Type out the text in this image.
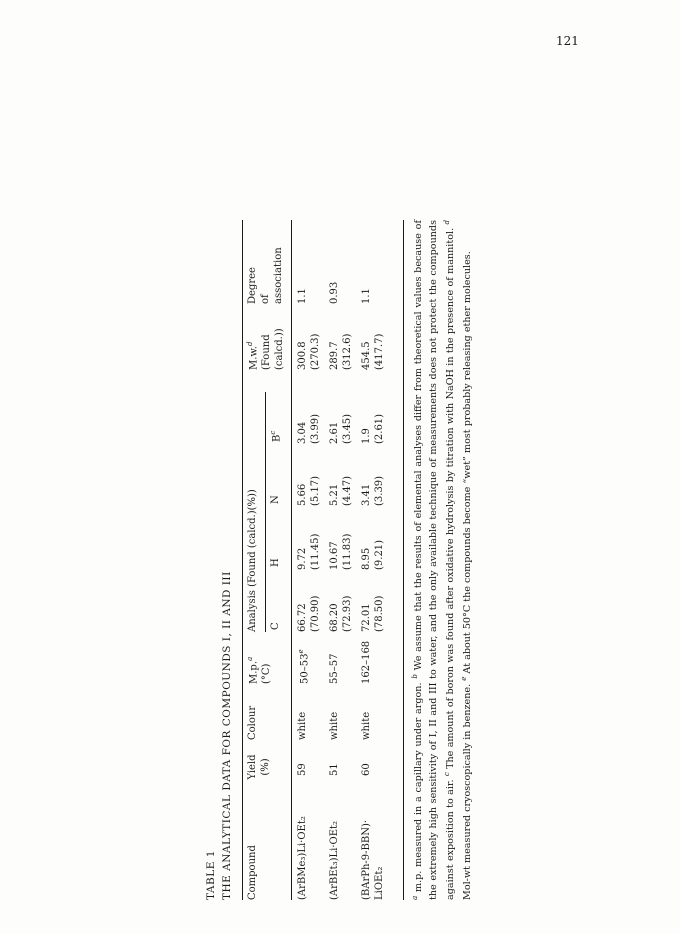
121
TABLE 1 THE ANALYTICAL DATA FOR COMPOUNDS I, II AND III Compound
Yield (%)
Colour
M.p.$^a$
(°C)
Analysis (Found (calcd.)(%)) C
H
N
$B^c$
M.w.$^d$ (Found (calcd.))
Degree of association
(ArBMe₃)Li·OEt₂
59
white
50–53e
66.72 (70.90)
9.72 (11.45)
5.66 (5.17)
3.04 (3.99)
300.8 (270.3)
1.1
(ArBEt₃)Li·OEt₂
51
white
55–57
68.20 (72.93)
10.67 (11.83)
5.21 (4.47)
2.61 (3.45)
289.7 (312.6)
0.93
(BArPh-9-BBN)· LiOEt₂
60
white
162–168
72.01 (78.50)
8.95 (9.21)
3.41 (3.39)
1.9 (2.61)
454.5 (417.7)
1.1
$^a$ m.p. measured in a capillary under argon. $^b$ We assume that the results of elemental analyses differ from theoretical values because of the extremely high sensitivity of I, II and III to water, and the only available technique of measurements does not protect the compounds against exposition to air. $^c$ The amount of boron was found after oxidative hydrolysis by titration with NaOH in the presence of mannitol. $^d$ Mol-wt measured cryoscopically in benzene. $^e$ At about 50°C the compounds become “wet” most probably releasing ether molecules.
